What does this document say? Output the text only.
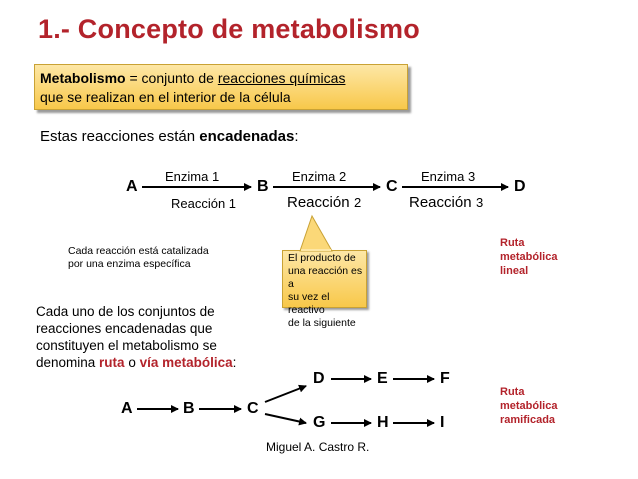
1.- Concepto de metabolismo
Metabolismo = conjunto de reacciones químicas
que se realizan en el interior de la célula
Estas reacciones están encadenadas:
A	B	C	D
Enzima 1	Enzima 2	Enzima 3
Reacción 1	Reacción 2	Reacción 3
Cada reacción está catalizada
por una enzima específica	El producto de
una reacción es a
su vez el reactivo
de la siguiente
Ruta
metabólica
lineal
Cada uno de los conjuntos de
reacciones encadenadas que
constituyen el metabolismo se
denomina ruta o vía metabólica:
Ruta
metabólica
ramificada
A	B	C
D	E	F
G	H	I
Miguel A. Castro R.
